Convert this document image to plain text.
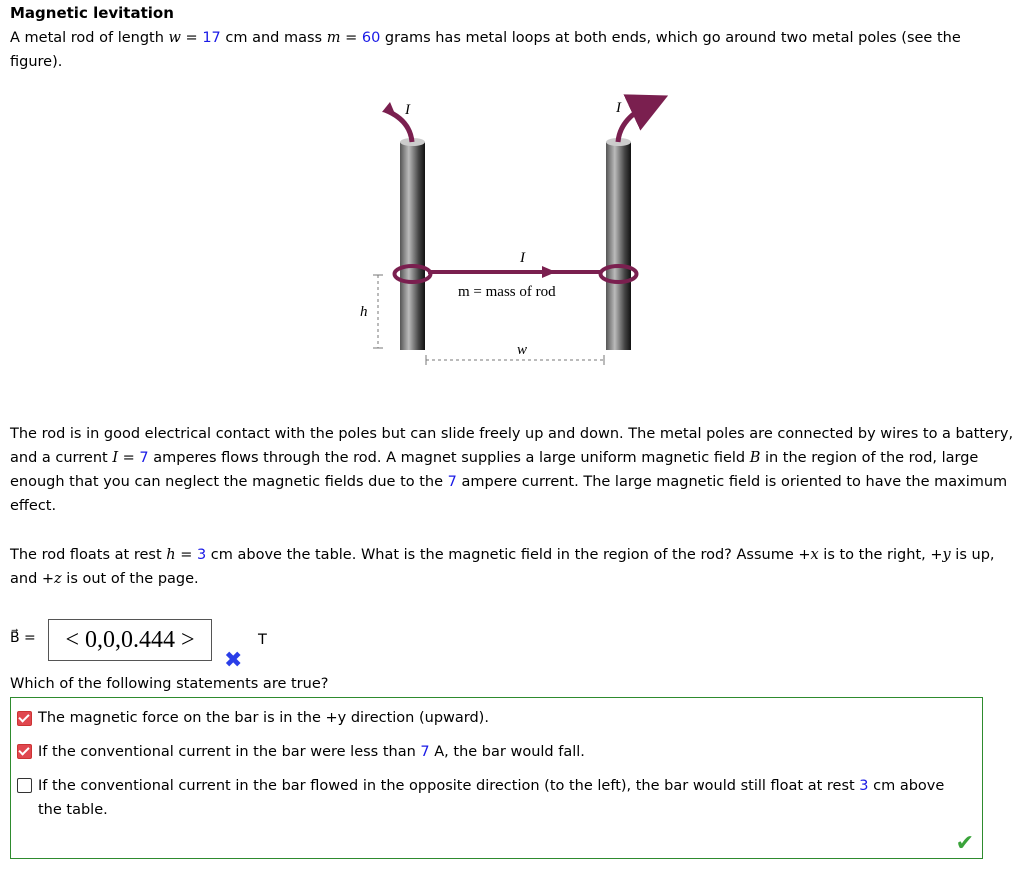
Magnetic levitation
A metal rod of length w = 17 cm and mass m = 60 grams has metal loops at both ends, which go around two metal poles (see the figure).
I	I
I
h
w
m = mass of rod
The rod is in good electrical contact with the poles but can slide freely up and down. The metal poles are connected by wires to a battery, and a current I = 7 amperes flows through the rod. A magnet supplies a large uniform magnetic field B in the region of the rod, large enough that you can neglect the magnetic fields due to the 7 ampere current. The large magnetic field is oriented to have the maximum effect.
The rod floats at rest h = 3 cm above the table. What is the magnetic field in the region of the rod? Assume +x is to the right, +y is up, and +z is out of the page.
B⃗ =	< 0,0,0.444 >	T
✖
Which of the following statements are true?
The magnetic force on the bar is in the +y direction (upward).
If the conventional current in the bar were less than 7 A, the bar would fall.
If the conventional current in the bar flowed in the opposite direction (to the left), the bar would still float at rest 3 cm above the table.
✔
